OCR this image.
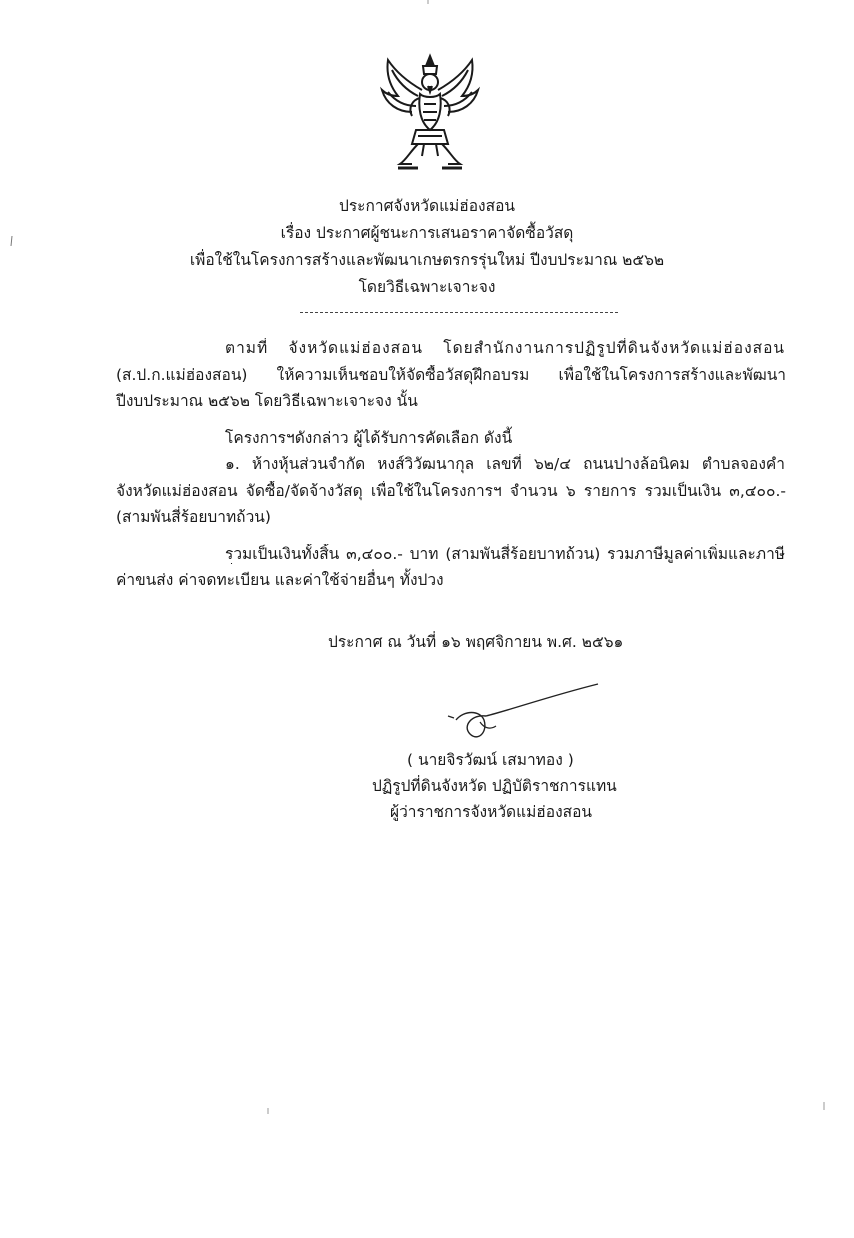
ประกาศจังหวัดแม่ฮ่องสอน
เรื่อง ประกาศผู้ชนะการเสนอราคาจัดซื้อวัสดุ
เพื่อใช้ในโครงการสร้างและพัฒนาเกษตรกรรุ่นใหม่ ปีงบประมาณ ๒๕๖๒
โดยวิธีเฉพาะเจาะจง
ตามที่ จังหวัดแม่ฮ่องสอน โดยสำนักงานการปฏิรูปที่ดินจังหวัดแม่ฮ่องสอน
(ส.ป.ก.แม่ฮ่องสอน) ให้ความเห็นชอบให้จัดซื้อวัสดุฝึกอบรม เพื่อใช้ในโครงการสร้างและพัฒนา
ปีงบประมาณ ๒๕๖๒ โดยวิธีเฉพาะเจาะจง นั้น
โครงการฯดังกล่าว ผู้ได้รับการคัดเลือก ดังนี้
๑. ห้างหุ้นส่วนจำกัด หงส์วิวัฒนากุล เลขที่ ๖๒/๔ ถนนปางล้อนิคม ตำบลจองคำ
จังหวัดแม่ฮ่องสอน จัดซื้อ/จัดจ้างวัสดุ เพื่อใช้ในโครงการฯ จำนวน ๖ รายการ รวมเป็นเงิน ๓,๔๐๐.-
(สามพันสี่ร้อยบาทถ้วน)
รวมเป็นเงินทั้งสิ้น ๓,๔๐๐.- บาท (สามพันสี่ร้อยบาทถ้วน) รวมภาษีมูลค่าเพิ่มและภาษี
ค่าขนส่ง ค่าจดทะเบียน และค่าใช้จ่ายอื่นๆ ทั้งปวง
ประกาศ ณ วันที่ ๑๖ พฤศจิกายน พ.ศ. ๒๕๖๑
( นายจิรวัฒน์ เสมาทอง )
ปฏิรูปที่ดินจังหวัด ปฏิบัติราชการแทน
ผู้ว่าราชการจังหวัดแม่ฮ่องสอน
